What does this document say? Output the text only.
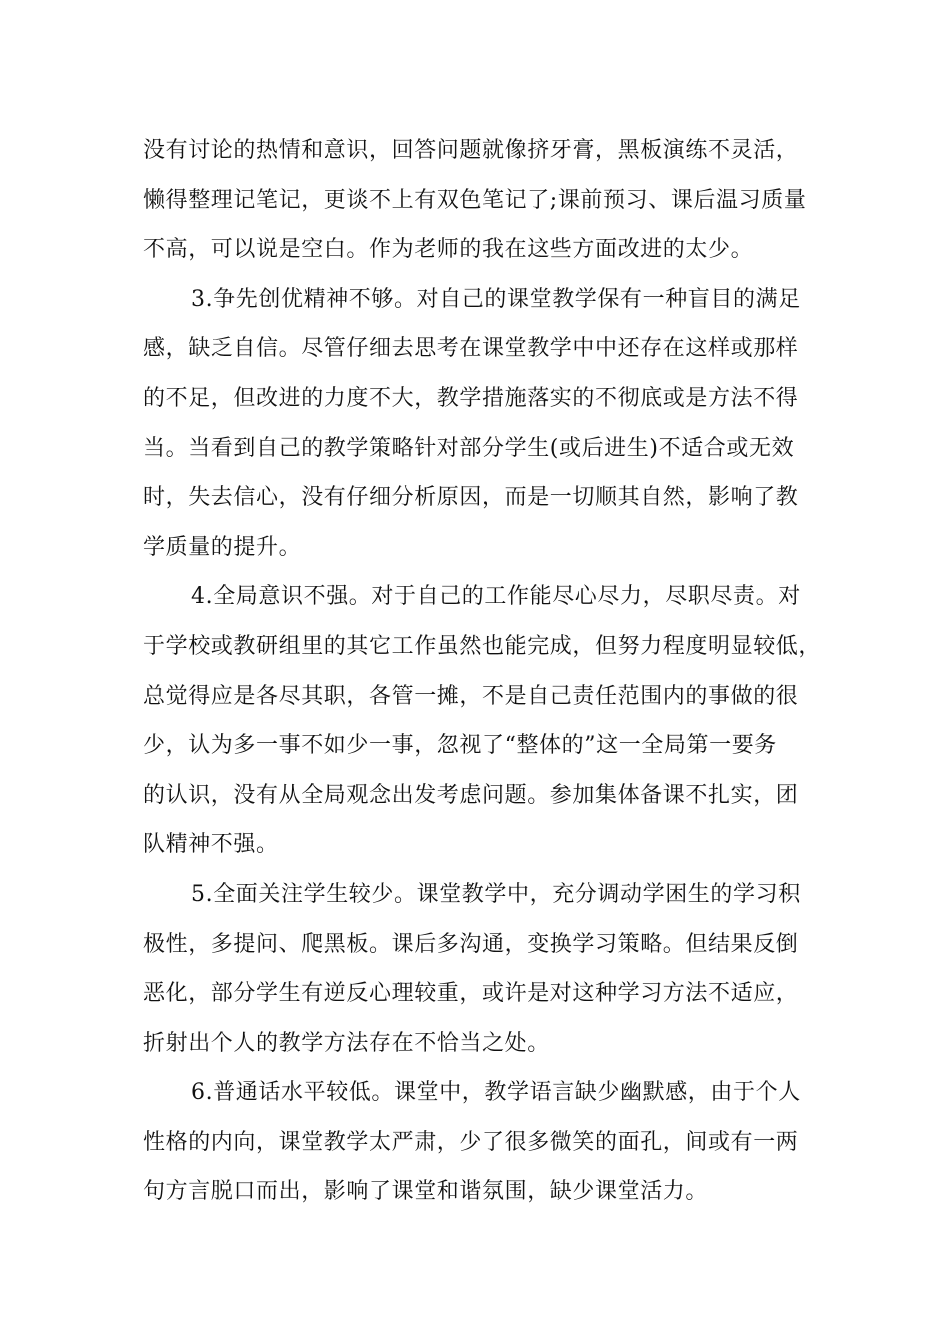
没有讨论的热情和意识，回答问题就像挤牙膏，黑板演练不灵活，
懒得整理记笔记，更谈不上有双色笔记了;课前预习、课后温习质量
不高，可以说是空白。作为老师的我在这些方面改进的太少。
3.争先创优精神不够。对自己的课堂教学保有一种盲目的满足
感，缺乏自信。尽管仔细去思考在课堂教学中中还存在这样或那样
的不足，但改进的力度不大，教学措施落实的不彻底或是方法不得
当。当看到自己的教学策略针对部分学生(或后进生)不适合或无效
时，失去信心，没有仔细分析原因，而是一切顺其自然，影响了教
学质量的提升。
4.全局意识不强。对于自己的工作能尽心尽力，尽职尽责。对
于学校或教研组里的其它工作虽然也能完成，但努力程度明显较低，
总觉得应是各尽其职，各管一摊，不是自己责任范围内的事做的很
少，认为多一事不如少一事，忽视了“整体的”这一全局第一要务
的认识，没有从全局观念出发考虑问题。参加集体备课不扎实，团
队精神不强。
5.全面关注学生较少。课堂教学中，充分调动学困生的学习积
极性，多提问、爬黑板。课后多沟通，变换学习策略。但结果反倒
恶化，部分学生有逆反心理较重，或许是对这种学习方法不适应，
折射出个人的教学方法存在不恰当之处。
6.普通话水平较低。课堂中，教学语言缺少幽默感，由于个人
性格的内向，课堂教学太严肃，少了很多微笑的面孔，间或有一两
句方言脱口而出，影响了课堂和谐氛围，缺少课堂活力。
